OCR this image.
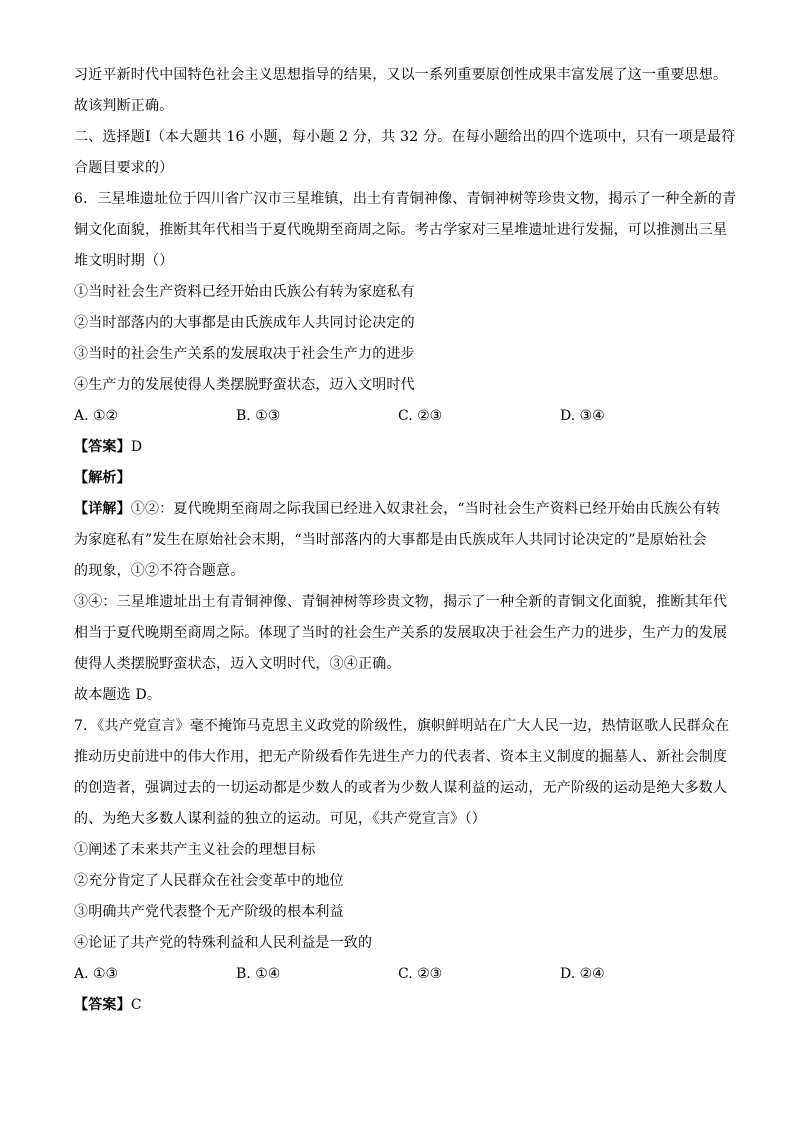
习近平新时代中国特色社会主义思想指导的结果，又以一系列重要原创性成果丰富发展了这一重要思想。
故该判断正确。
二、选择题Ⅰ（本大题共 16 小题，每小题 2 分，共 32 分。在每小题给出的四个选项中，只有一项是最符
合题目要求的）
6．三星堆遗址位于四川省广汉市三星堆镇，出土有青铜神像、青铜神树等珍贵文物，揭示了一种全新的青
铜文化面貌，推断其年代相当于夏代晚期至商周之际。考古学家对三星堆遗址进行发掘，可以推测出三星
堆文明时期（）
①当时社会生产资料已经开始由氏族公有转为家庭私有
②当时部落内的大事都是由氏族成年人共同讨论决定的
③当时的社会生产关系的发展取决于社会生产力的进步
④生产力的发展使得人类摆脱野蛮状态，迈入文明时代
A. ①②	B. ①③	C. ②③	D. ③④
【答案】D
【解析】
【详解】①②：夏代晚期至商周之际我国已经进入奴隶社会，“当时社会生产资料已经开始由氏族公有转
为家庭私有”发生在原始社会末期，“当时部落内的大事都是由氏族成年人共同讨论决定的”是原始社会
的现象，①②不符合题意。
③④：三星堆遗址出土有青铜神像、青铜神树等珍贵文物，揭示了一种全新的青铜文化面貌，推断其年代
相当于夏代晚期至商周之际。体现了当时的社会生产关系的发展取决于社会生产力的进步，生产力的发展
使得人类摆脱野蛮状态，迈入文明时代，③④正确。
故本题选 D。
7．《共产党宣言》毫不掩饰马克思主义政党的阶级性，旗帜鲜明站在广大人民一边，热情讴歌人民群众在
推动历史前进中的伟大作用，把无产阶级看作先进生产力的代表者、资本主义制度的掘墓人、新社会制度
的创造者，强调过去的一切运动都是少数人的或者为少数人谋利益的运动，无产阶级的运动是绝大多数人
的、为绝大多数人谋利益的独立的运动。可见，《共产党宣言》（）
①阐述了未来共产主义社会的理想目标
②充分肯定了人民群众在社会变革中的地位
③明确共产党代表整个无产阶级的根本利益
④论证了共产党的特殊利益和人民利益是一致的
A. ①③	B. ①④	C. ②③	D. ②④
【答案】C
